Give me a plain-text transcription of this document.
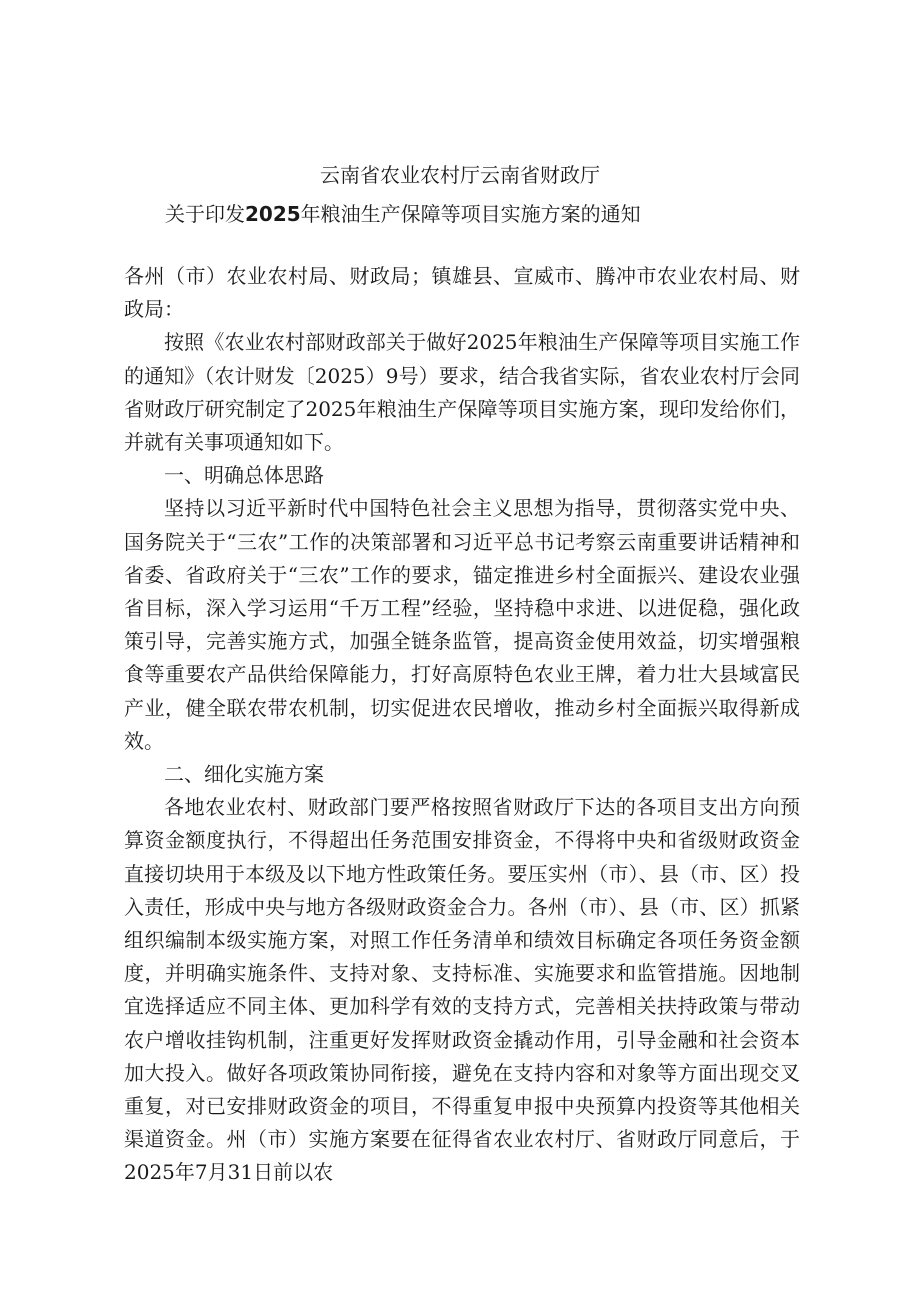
云南省农业农村厅云南省财政厅
关于印发2025年粮油生产保障等项目实施方案的通知

各州（市）农业农村局、财政局；镇雄县、宣威市、腾冲市农业农村局、财政局：

按照《农业农村部财政部关于做好2025年粮油生产保障等项目实施工作的通知》（农计财发〔2025）9号）要求，结合我省实际，省农业农村厅会同省财政厅研究制定了2025年粮油生产保障等项目实施方案，现印发给你们，并就有关事项通知如下。

一、明确总体思路

坚持以习近平新时代中国特色社会主义思想为指导，贯彻落实党中央、国务院关于“三农”工作的决策部署和习近平总书记考察云南重要讲话精神和省委、省政府关于“三农”工作的要求，锚定推进乡村全面振兴、建设农业强省目标，深入学习运用“千万工程”经验，坚持稳中求进、以进促稳，强化政策引导，完善实施方式，加强全链条监管，提高资金使用效益，切实增强粮食等重要农产品供给保障能力，打好高原特色农业王牌，着力壮大县域富民产业，健全联农带农机制，切实促进农民增收，推动乡村全面振兴取得新成效。

二、细化实施方案

各地农业农村、财政部门要严格按照省财政厅下达的各项目支出方向预算资金额度执行，不得超出任务范围安排资金，不得将中央和省级财政资金直接切块用于本级及以下地方性政策任务。要压实州（市）、县（市、区）投入责任，形成中央与地方各级财政资金合力。各州（市）、县（市、区）抓紧组织编制本级实施方案，对照工作任务清单和绩效目标确定各项任务资金额度，并明确实施条件、支持对象、支持标准、实施要求和监管措施。因地制宜选择适应不同主体、更加科学有效的支持方式，完善相关扶持政策与带动农户增收挂钩机制，注重更好发挥财政资金撬动作用，引导金融和社会资本加大投入。做好各项政策协同衔接，避免在支持内容和对象等方面出现交叉重复，对已安排财政资金的项目，不得重复申报中央预算内投资等其他相关渠道资金。州（市）实施方案要在征得省农业农村厅、省财政厅同意后，于2025年7月31日前以农
